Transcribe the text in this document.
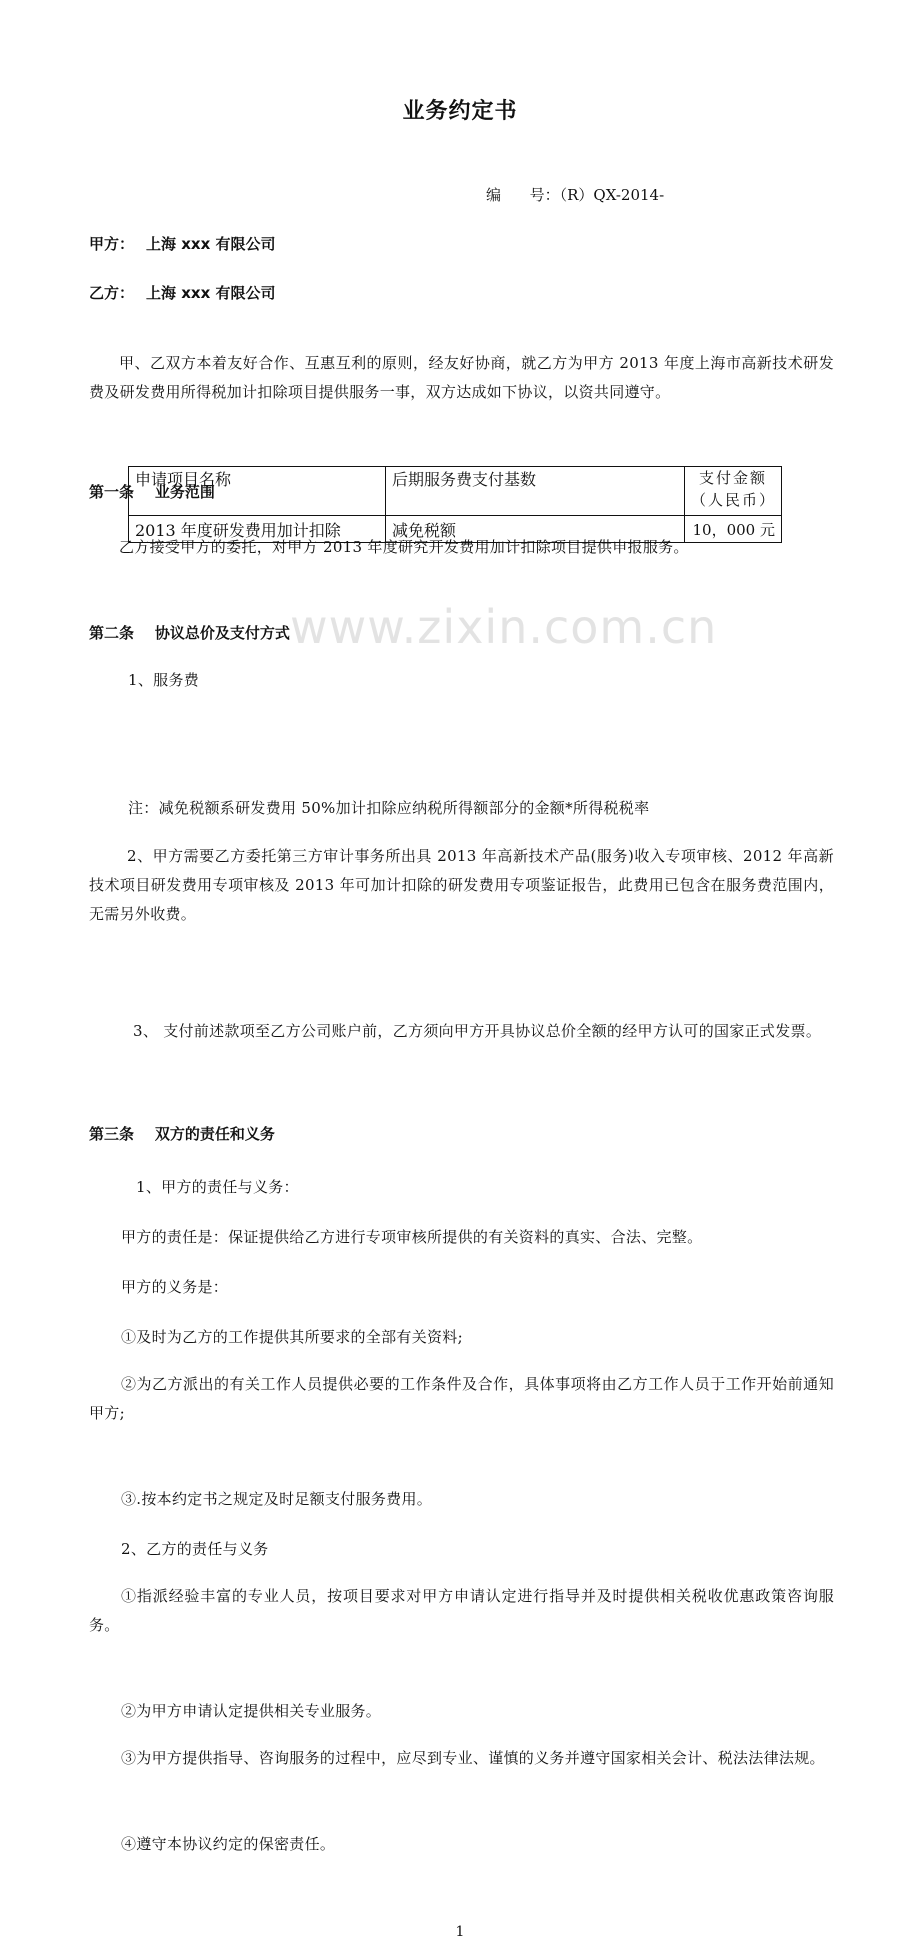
www.zixin.com.cn
业务约定书
编      号：（R）QX-2014-
甲方： 上海 xxx 有限公司
乙方： 上海 xxx 有限公司
甲、乙双方本着友好合作、互惠互利的原则，经友好协商，就乙方为甲方 2013 年度上海市高新技术研发费及研发费用所得税加计扣除项目提供服务一事，双方达成如下协议，以资共同遵守。
第一条    业务范围
乙方接受甲方的委托，对甲方 2013 年度研究开发费用加计扣除项目提供申报服务。
第二条    协议总价及支付方式
1、服务费
申请项目名称	后期服务费支付基数	支付金额
（人民币）

2013 年度研发费用加计扣除	减免税额	10，000 元
注：减免税额系研发费用 50%加计扣除应纳税所得额部分的金额*所得税税率
2、甲方需要乙方委托第三方审计事务所出具 2013 年高新技术产品(服务)收入专项审核、2012 年高新技术项目研发费用专项审核及 2013 年可加计扣除的研发费用专项鉴证报告，此费用已包含在服务费范围内，无需另外收费。
3、 支付前述款项至乙方公司账户前，乙方须向甲方开具协议总价全额的经甲方认可的国家正式发票。
第三条    双方的责任和义务
1、甲方的责任与义务：
甲方的责任是：保证提供给乙方进行专项审核所提供的有关资料的真实、合法、完整。
甲方的义务是：
①及时为乙方的工作提供其所要求的全部有关资料;
②为乙方派出的有关工作人员提供必要的工作条件及合作，具体事项将由乙方工作人员于工作开始前通知甲方;
③.按本约定书之规定及时足额支付服务费用。
2、乙方的责任与义务
①指派经验丰富的专业人员，按项目要求对甲方申请认定进行指导并及时提供相关税收优惠政策咨询服务。
②为甲方申请认定提供相关专业服务。
③为甲方提供指导、咨询服务的过程中，应尽到专业、谨慎的义务并遵守国家相关会计、税法法律法规。
④遵守本协议约定的保密责任。
1
